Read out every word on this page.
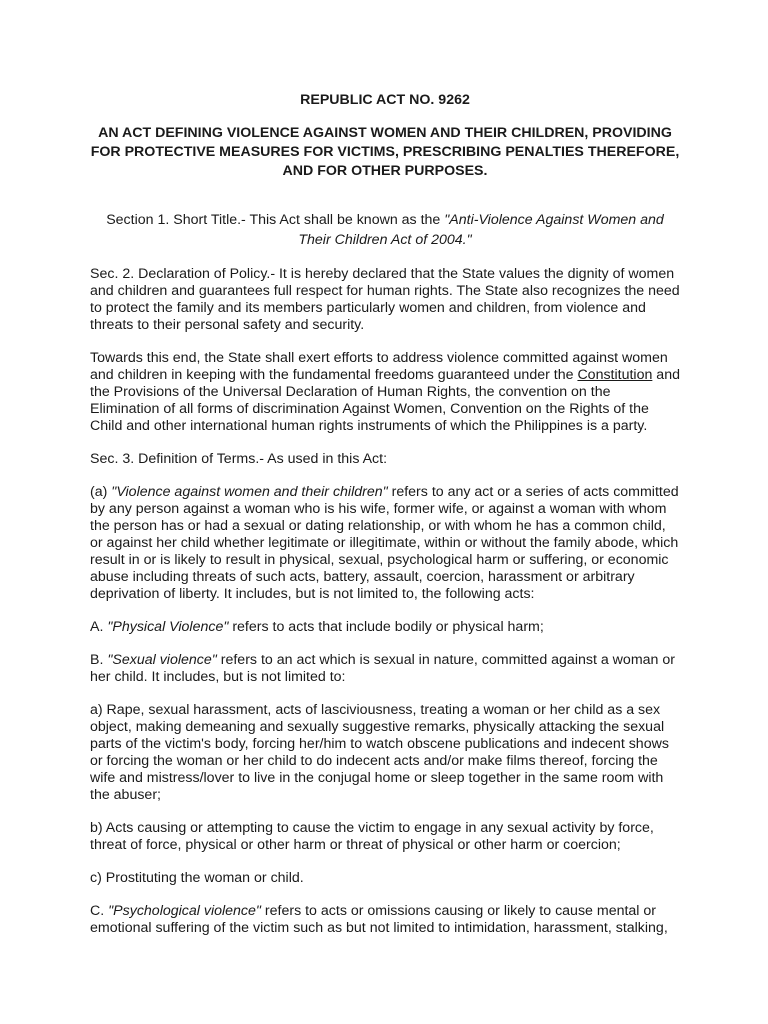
REPUBLIC ACT NO. 9262
AN ACT DEFINING VIOLENCE AGAINST WOMEN AND THEIR CHILDREN, PROVIDING FOR PROTECTIVE MEASURES FOR VICTIMS, PRESCRIBING PENALTIES THEREFORE, AND FOR OTHER PURPOSES.

Section 1. Short Title.- This Act shall be known as the "Anti-Violence Against Women and Their Children Act of 2004."

Sec. 2. Declaration of Policy.- It is hereby declared that the State values the dignity of women and children and guarantees full respect for human rights. The State also recognizes the need to protect the family and its members particularly women and children, from violence and threats to their personal safety and security.

Towards this end, the State shall exert efforts to address violence committed against women and children in keeping with the fundamental freedoms guaranteed under the Constitution and the Provisions of the Universal Declaration of Human Rights, the convention on the Elimination of all forms of discrimination Against Women, Convention on the Rights of the Child and other international human rights instruments of which the Philippines is a party.

Sec. 3. Definition of Terms.- As used in this Act:

(a) "Violence against women and their children" refers to any act or a series of acts committed by any person against a woman who is his wife, former wife, or against a woman with whom the person has or had a sexual or dating relationship, or with whom he has a common child, or against her child whether legitimate or illegitimate, within or without the family abode, which result in or is likely to result in physical, sexual, psychological harm or suffering, or economic abuse including threats of such acts, battery, assault, coercion, harassment or arbitrary deprivation of liberty. It includes, but is not limited to, the following acts:

A. "Physical Violence" refers to acts that include bodily or physical harm;

B. "Sexual violence" refers to an act which is sexual in nature, committed against a woman or her child. It includes, but is not limited to:

a) Rape, sexual harassment, acts of lasciviousness, treating a woman or her child as a sex object, making demeaning and sexually suggestive remarks, physically attacking the sexual parts of the victim's body, forcing her/him to watch obscene publications and indecent shows or forcing the woman or her child to do indecent acts and/or make films thereof, forcing the wife and mistress/lover to live in the conjugal home or sleep together in the same room with the abuser;

b) Acts causing or attempting to cause the victim to engage in any sexual activity by force, threat of force, physical or other harm or threat of physical or other harm or coercion;

c) Prostituting the woman or child.

C. "Psychological violence" refers to acts or omissions causing or likely to cause mental or emotional suffering of the victim such as but not limited to intimidation, harassment, stalking,
